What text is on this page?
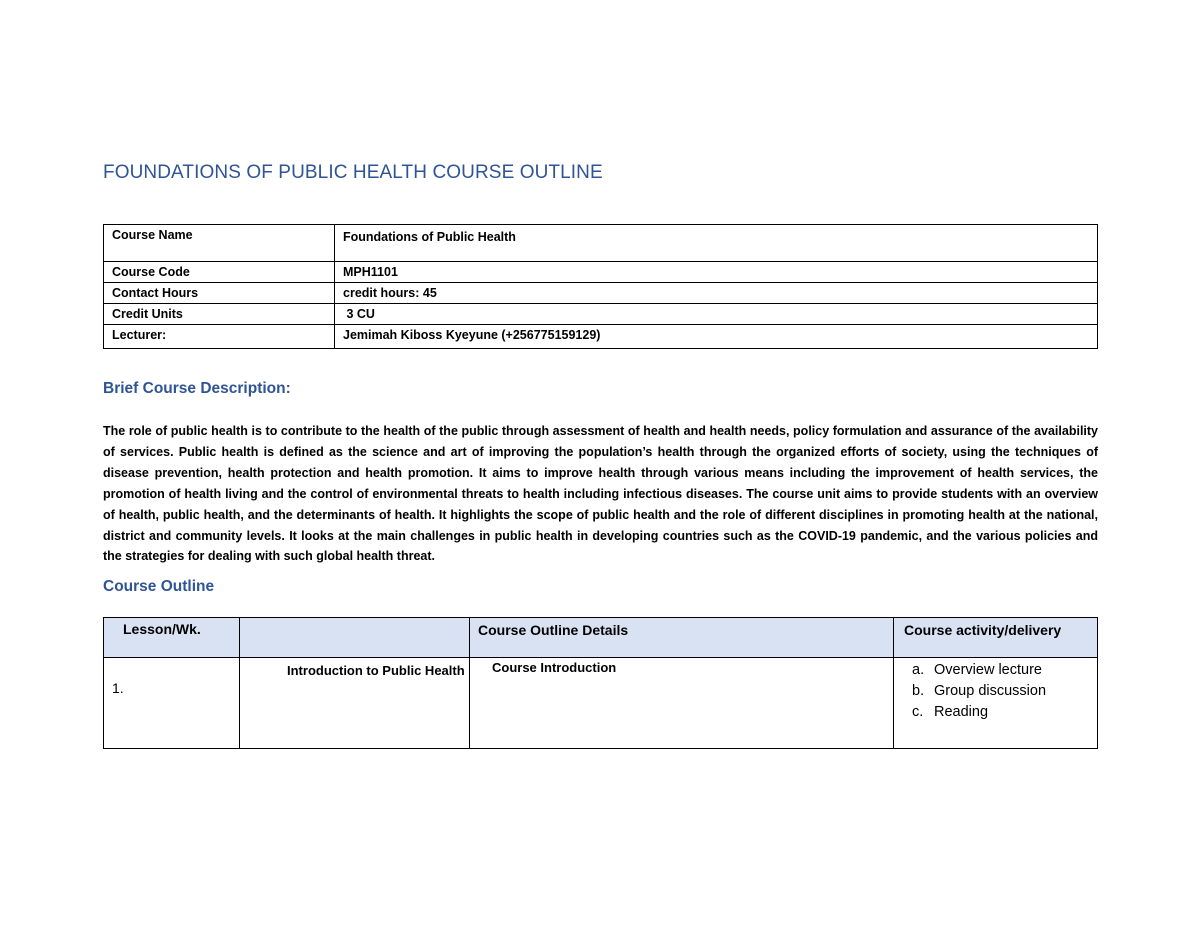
FOUNDATIONS OF PUBLIC HEALTH COURSE OUTLINE
Course Name	Foundations of Public Health
Course Code	MPH1101
Contact Hours	credit hours: 45
Credit Units	3 CU
Lecturer:	Jemimah Kiboss Kyeyune (+256775159129)
Brief Course Description:
The role of public health is to contribute to the health of the public through assessment of health and health needs, policy formulation and assurance of the availability of services. Public health is defined as the science and art of improving the population’s health through the organized efforts of society, using the techniques of disease prevention, health protection and health promotion. It aims to improve health through various means including the improvement of health services, the promotion of health living and the control of environmental threats to health including infectious diseases. The course unit aims to provide students with an overview of health, public health, and the determinants of health. It highlights the scope of public health and the role of different disciplines in promoting health at the national, district and community levels. It looks at the main challenges in public health in developing countries such as the COVID-19 pandemic, and the various policies and the strategies for dealing with such global health threat.
Course Outline
Lesson/Wk.		Course Outline Details	Course activity/delivery
1.	Introduction to Public Health	Course Introduction	a. Overview lecture
b. Group discussion
c. Reading
